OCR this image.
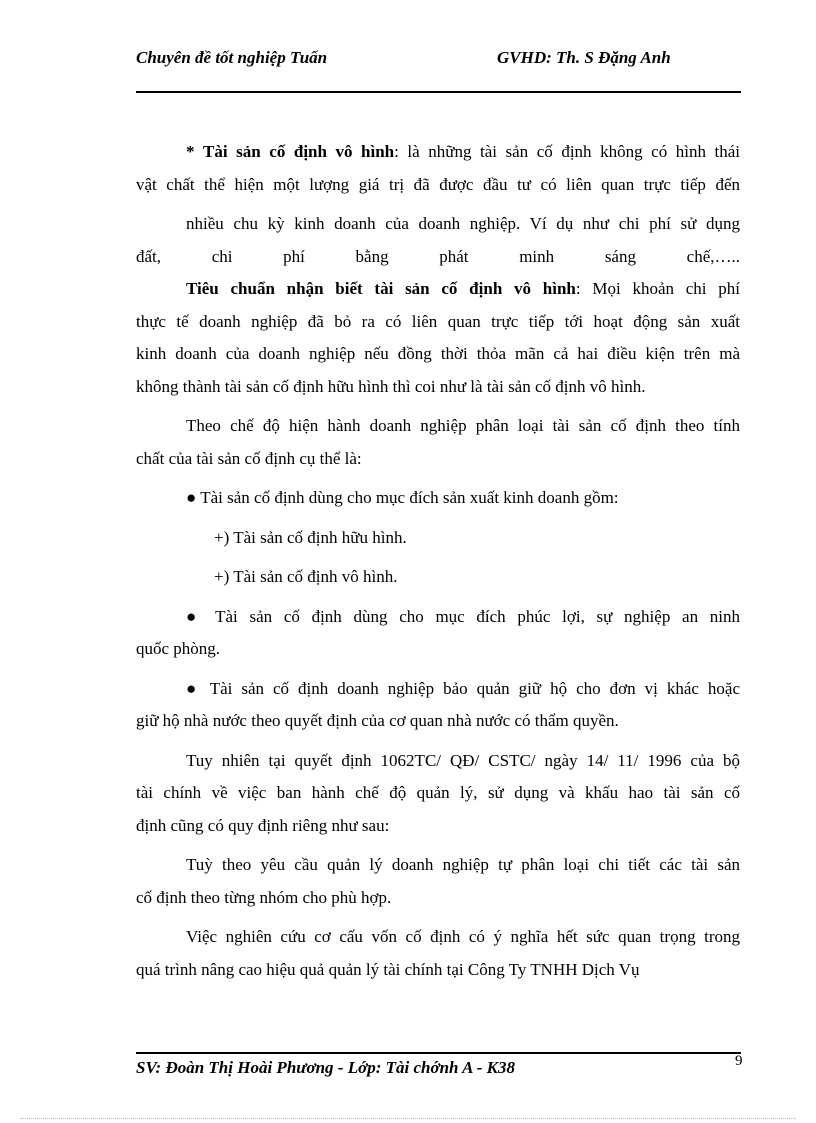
Chuyên đề tốt nghiệp Tuấn	GVHD: Th. S Đặng Anh
* Tài sản cố định vô hình: là những tài sản cố định không có hình thái
vật chất thể hiện một lượng giá trị đã được đầu tư có liên quan trực tiếp đến
nhiều chu kỳ kinh doanh của doanh nghiệp. Ví dụ như chi phí sử dụng
đất, chi phí bằng phát minh sáng chế,…..
Tiêu chuẩn nhận biết tài sản cố định vô hình: Mọi khoản chi phí
thực tế doanh nghiệp đã bỏ ra có liên quan trực tiếp tới hoạt động sản xuất
kinh doanh của doanh nghiệp nếu đồng thời thỏa mãn cả hai điều kiện trên mà
không thành tài sản cố định hữu hình thì coi như là tài sản cố định vô hình.
Theo chế độ hiện hành doanh nghiệp phân loại tài sản cố định theo tính
chất của tài sản cố định cụ thể là:
● Tài sản cố định dùng cho mục đích sản xuất kinh doanh gồm:
+) Tài sản cố định hữu hình.
+) Tài sản cố định vô hình.
● Tài sản cố định dùng cho mục đích phúc lợi, sự nghiệp an ninh
quốc phòng.
● Tài sản cố định doanh nghiệp bảo quản giữ hộ cho đơn vị khác hoặc
giữ hộ nhà nước theo quyết định của cơ quan nhà nước có thẩm quyền.
Tuy nhiên tại quyết định 1062TC/ QĐ/ CSTC/ ngày 14/ 11/ 1996 của bộ
tài chính về việc ban hành chế độ quản lý, sử dụng và khấu hao tài sản cố
định cũng có quy định riêng như sau:
Tuỳ theo yêu cầu quản lý doanh nghiệp tự phân loại chi tiết các tài sản
cố định theo từng nhóm cho phù hợp.
Việc nghiên cứu cơ cấu vốn cố định có ý nghĩa hết sức quan trọng trong
quá trình nâng cao hiệu quả quản lý tài chính tại Công Ty TNHH Dịch Vụ
SV: Đoàn Thị Hoài Phương - Lớp: Tài chớnh A - K38	9
